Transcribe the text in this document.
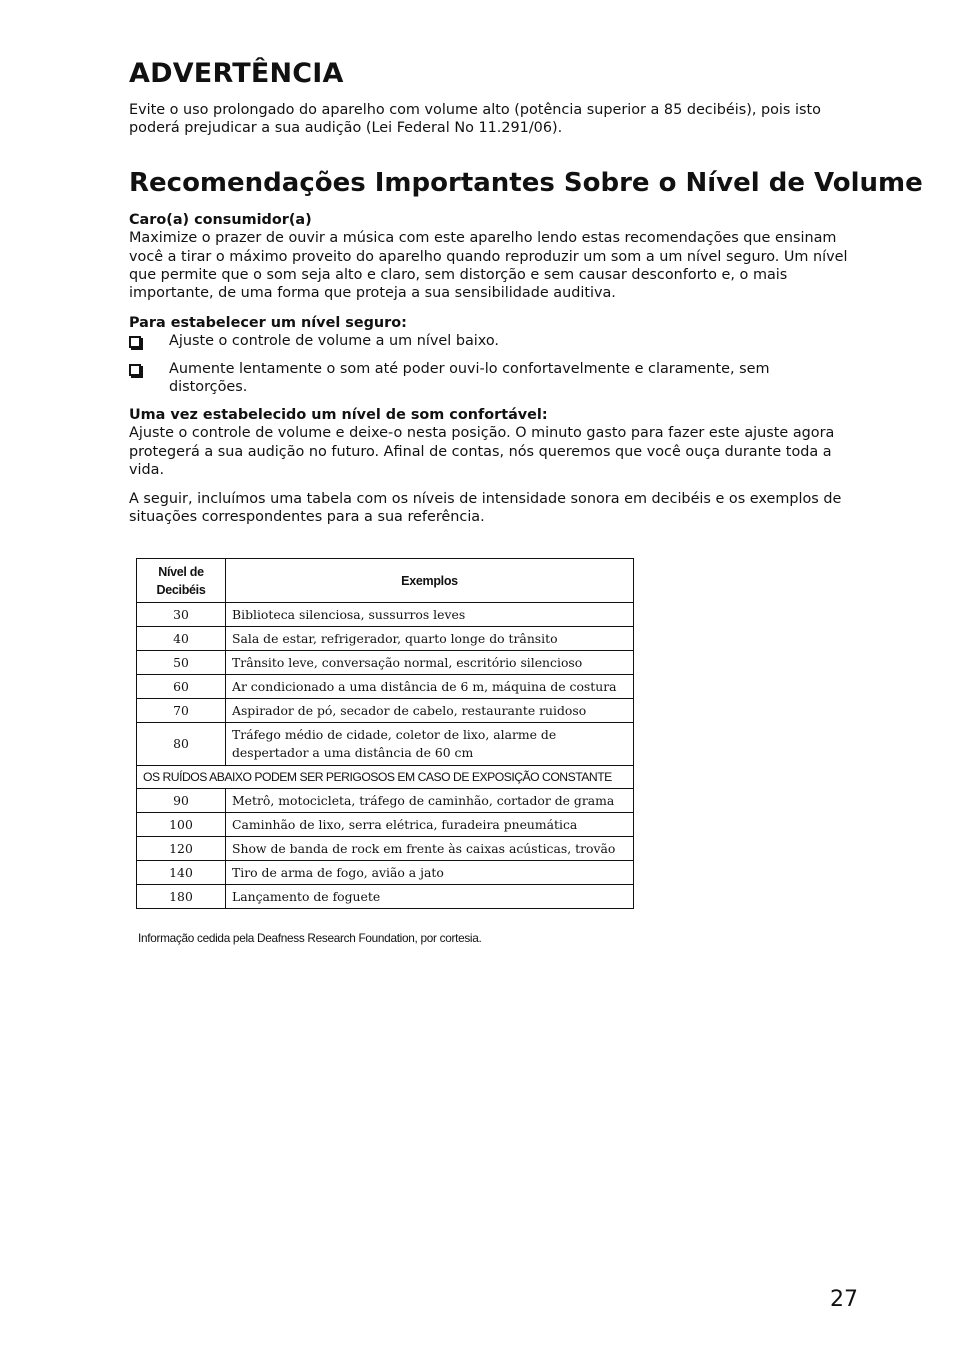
ADVERTÊNCIA

Evite o uso prolongado do aparelho com volume alto (potência superior a 85 decibéis), pois isto poderá prejudicar a sua audição (Lei Federal No 11.291/06).

Recomendações Importantes Sobre o Nível de Volume

Caro(a) consumidor(a)

Maximize o prazer de ouvir a música com este aparelho lendo estas recomendações que ensinam você a tirar o máximo proveito do aparelho quando reproduzir um som a um nível seguro. Um nível que permite que o som seja alto e claro, sem distorção e sem causar desconforto e, o mais importante, de uma forma que proteja a sua sensibilidade auditiva.

Para estabelecer um nível seguro:

Ajuste o controle de volume a um nível baixo.

Aumente lentamente o som até poder ouvi-lo confortavelmente e claramente, sem distorções.

Uma vez estabelecido um nível de som confortável:

Ajuste o controle de volume e deixe-o nesta posição. O minuto gasto para fazer este ajuste agora protegerá a sua audição no futuro. Afinal de contas, nós queremos que você ouça durante toda a vida.

A seguir, incluímos uma tabela com os níveis de intensidade sonora em decibéis e os exemplos de situações correspondentes para a sua referência.

Nível de
Decibéis	Exemplos
30	Biblioteca silenciosa, sussurros leves
40	Sala de estar, refrigerador, quarto longe do trânsito
50	Trânsito leve, conversação normal, escritório silencioso
60	Ar condicionado a uma distância de 6 m, máquina de costura
70	Aspirador de pó, secador de cabelo, restaurante ruidoso
80	Tráfego médio de cidade, coletor de lixo, alarme de despertador a uma distância de 60 cm
OS RUÍDOS ABAIXO PODEM SER PERIGOSOS EM CASO DE EXPOSIÇÃO CONSTANTE	
90	Metrô, motocicleta, tráfego de caminhão, cortador de grama
100	Caminhão de lixo, serra elétrica, furadeira pneumática
120	Show de banda de rock em frente às caixas acústicas, trovão
140	Tiro de arma de fogo, avião a jato
180	Lançamento de foguete
Informação cedida pela Deafness Research Foundation, por cortesia.
27
